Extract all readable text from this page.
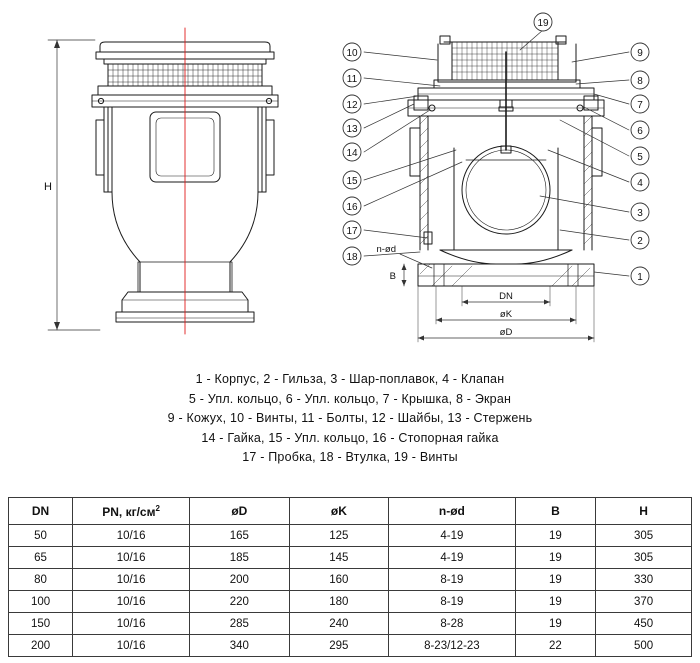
19
10
11
12
13
14
15
16
17
18
9
8
7
6
5
4
3
2
1
H
n-ød
B
DN
øK
øD
1 - Корпус, 2 - Гильза, 3 - Шар-поплавок, 4 - Клапан
5 - Упл. кольцо, 6 - Упл. кольцо, 7 - Крышка, 8 - Экран
9 - Кожух, 10 - Винты, 11 - Болты, 12 - Шайбы, 13 - Стержень
14 - Гайка, 15 - Упл. кольцо, 16 - Стопорная гайка
17 - Пробка, 18 - Втулка, 19 - Винты
DN	PN, $кг/см^2$	øD	øK	n-ød	B	H
50	10/16	165	125	4-19	19	305
65	10/16	185	145	4-19	19	305
80	10/16	200	160	8-19	19	330
100	10/16	220	180	8-19	19	370
150	10/16	285	240	8-28	19	450
200	10/16	340	295	8-23/12-23	22	500
